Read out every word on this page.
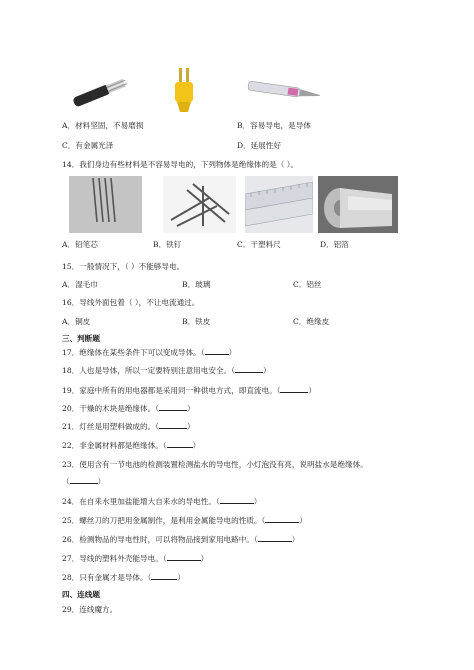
A．材料坚固，不易磨损	B．容易导电，是导体
C．有金属光泽	D．延展性好
14．我们身边有些材料是不容易导电的，下列物体是绝缘体的是（ ）。
A．铅笔芯	B．铁钉	C．干塑料尺	D．铝箔
15．一般情况下，（ ）不能够导电。
A．湿毛巾	B．玻璃	C．铝丝
16．导线外面包着（ ），不让电流通过。
A．铜皮	B．铁皮	C．绝缘皮
三、判断题
17．绝缘体在某些条件下可以变成导体。（	）
18．人也是导体，所以一定要特别注意用电安全。（	）
19．家庭中所有的用电器都是采用同一种供电方式，即直流电。（	）
20．干燥的木块是绝缘体。（	）
21．灯丝是用塑料做成的。（	）
22．非金属材料都是绝缘体。（	）
23．使用含有一节电池的检测装置检测盐水的导电性，小灯泡没有亮，说明盐水是绝缘体。
（	）
24．在自来水里加盐能增大自来水的导电性。（	）
25．螺丝刀的刀把用金属制作，是利用金属能导电的性质。（	）
26．检测物品的导电性时，可以将物品接到家用电路中。（	）
27．导线的塑料外壳能导电。（	）
28．只有金属才是导体。（	）
四、连线题
29．连线魔方。
